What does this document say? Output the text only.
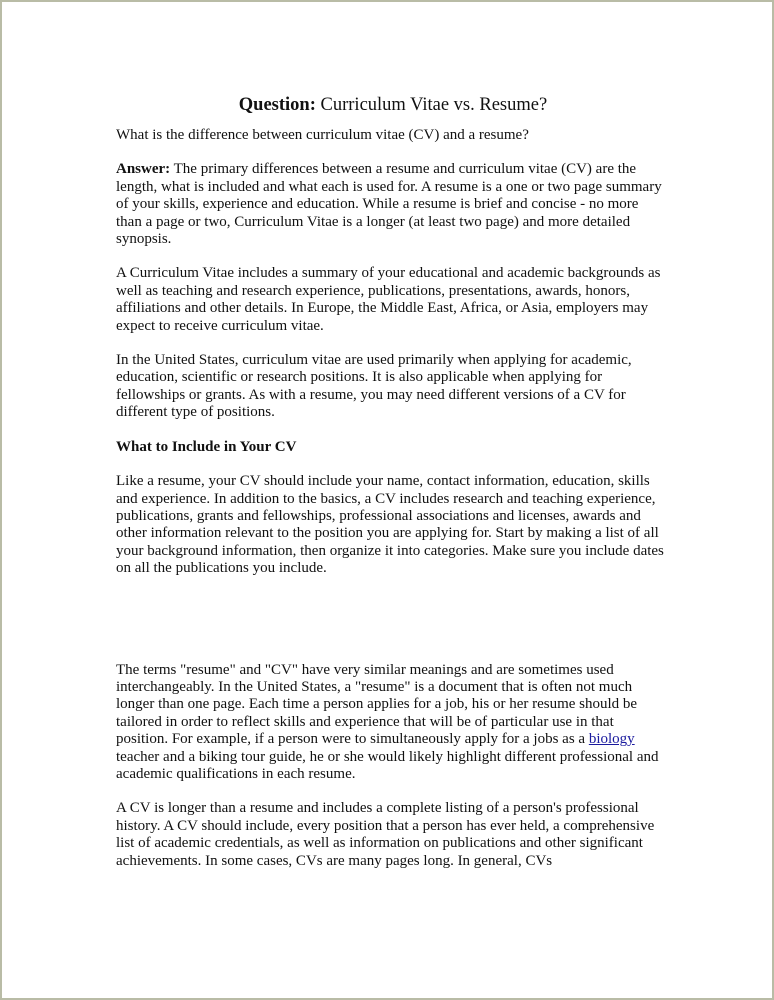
Question: Curriculum Vitae vs. Resume?

What is the difference between curriculum vitae (CV) and a resume?

Answer: The primary differences between a resume and curriculum vitae (CV) are the length, what is included and what each is used for. A resume is a one or two page summary of your skills, experience and education. While a resume is brief and concise - no more than a page or two, Curriculum Vitae is a longer (at least two page) and more detailed synopsis.

A Curriculum Vitae includes a summary of your educational and academic backgrounds as well as teaching and research experience, publications, presentations, awards, honors, affiliations and other details. In Europe, the Middle East, Africa, or Asia, employers may expect to receive curriculum vitae.

In the United States, curriculum vitae are used primarily when applying for academic, education, scientific or research positions. It is also applicable when applying for fellowships or grants. As with a resume, you may need different versions of a CV for different type of positions.

What to Include in Your CV

Like a resume, your CV should include your name, contact information, education, skills and experience. In addition to the basics, a CV includes research and teaching experience, publications, grants and fellowships, professional associations and licenses, awards and other information relevant to the position you are applying for. Start by making a list of all your background information, then organize it into categories. Make sure you include dates on all the publications you include.

The terms "resume" and "CV" have very similar meanings and are sometimes used interchangeably. In the United States, a "resume" is a document that is often not much longer than one page. Each time a person applies for a job, his or her resume should be tailored in order to reflect skills and experience that will be of particular use in that position. For example, if a person were to simultaneously apply for a jobs as a biology teacher and a biking tour guide, he or she would likely highlight different professional and academic qualifications in each resume.

A CV is longer than a resume and includes a complete listing of a person's professional history. A CV should include, every position that a person has ever held, a comprehensive list of academic credentials, as well as information on publications and other significant achievements. In some cases, CVs are many pages long. In general, CVs
